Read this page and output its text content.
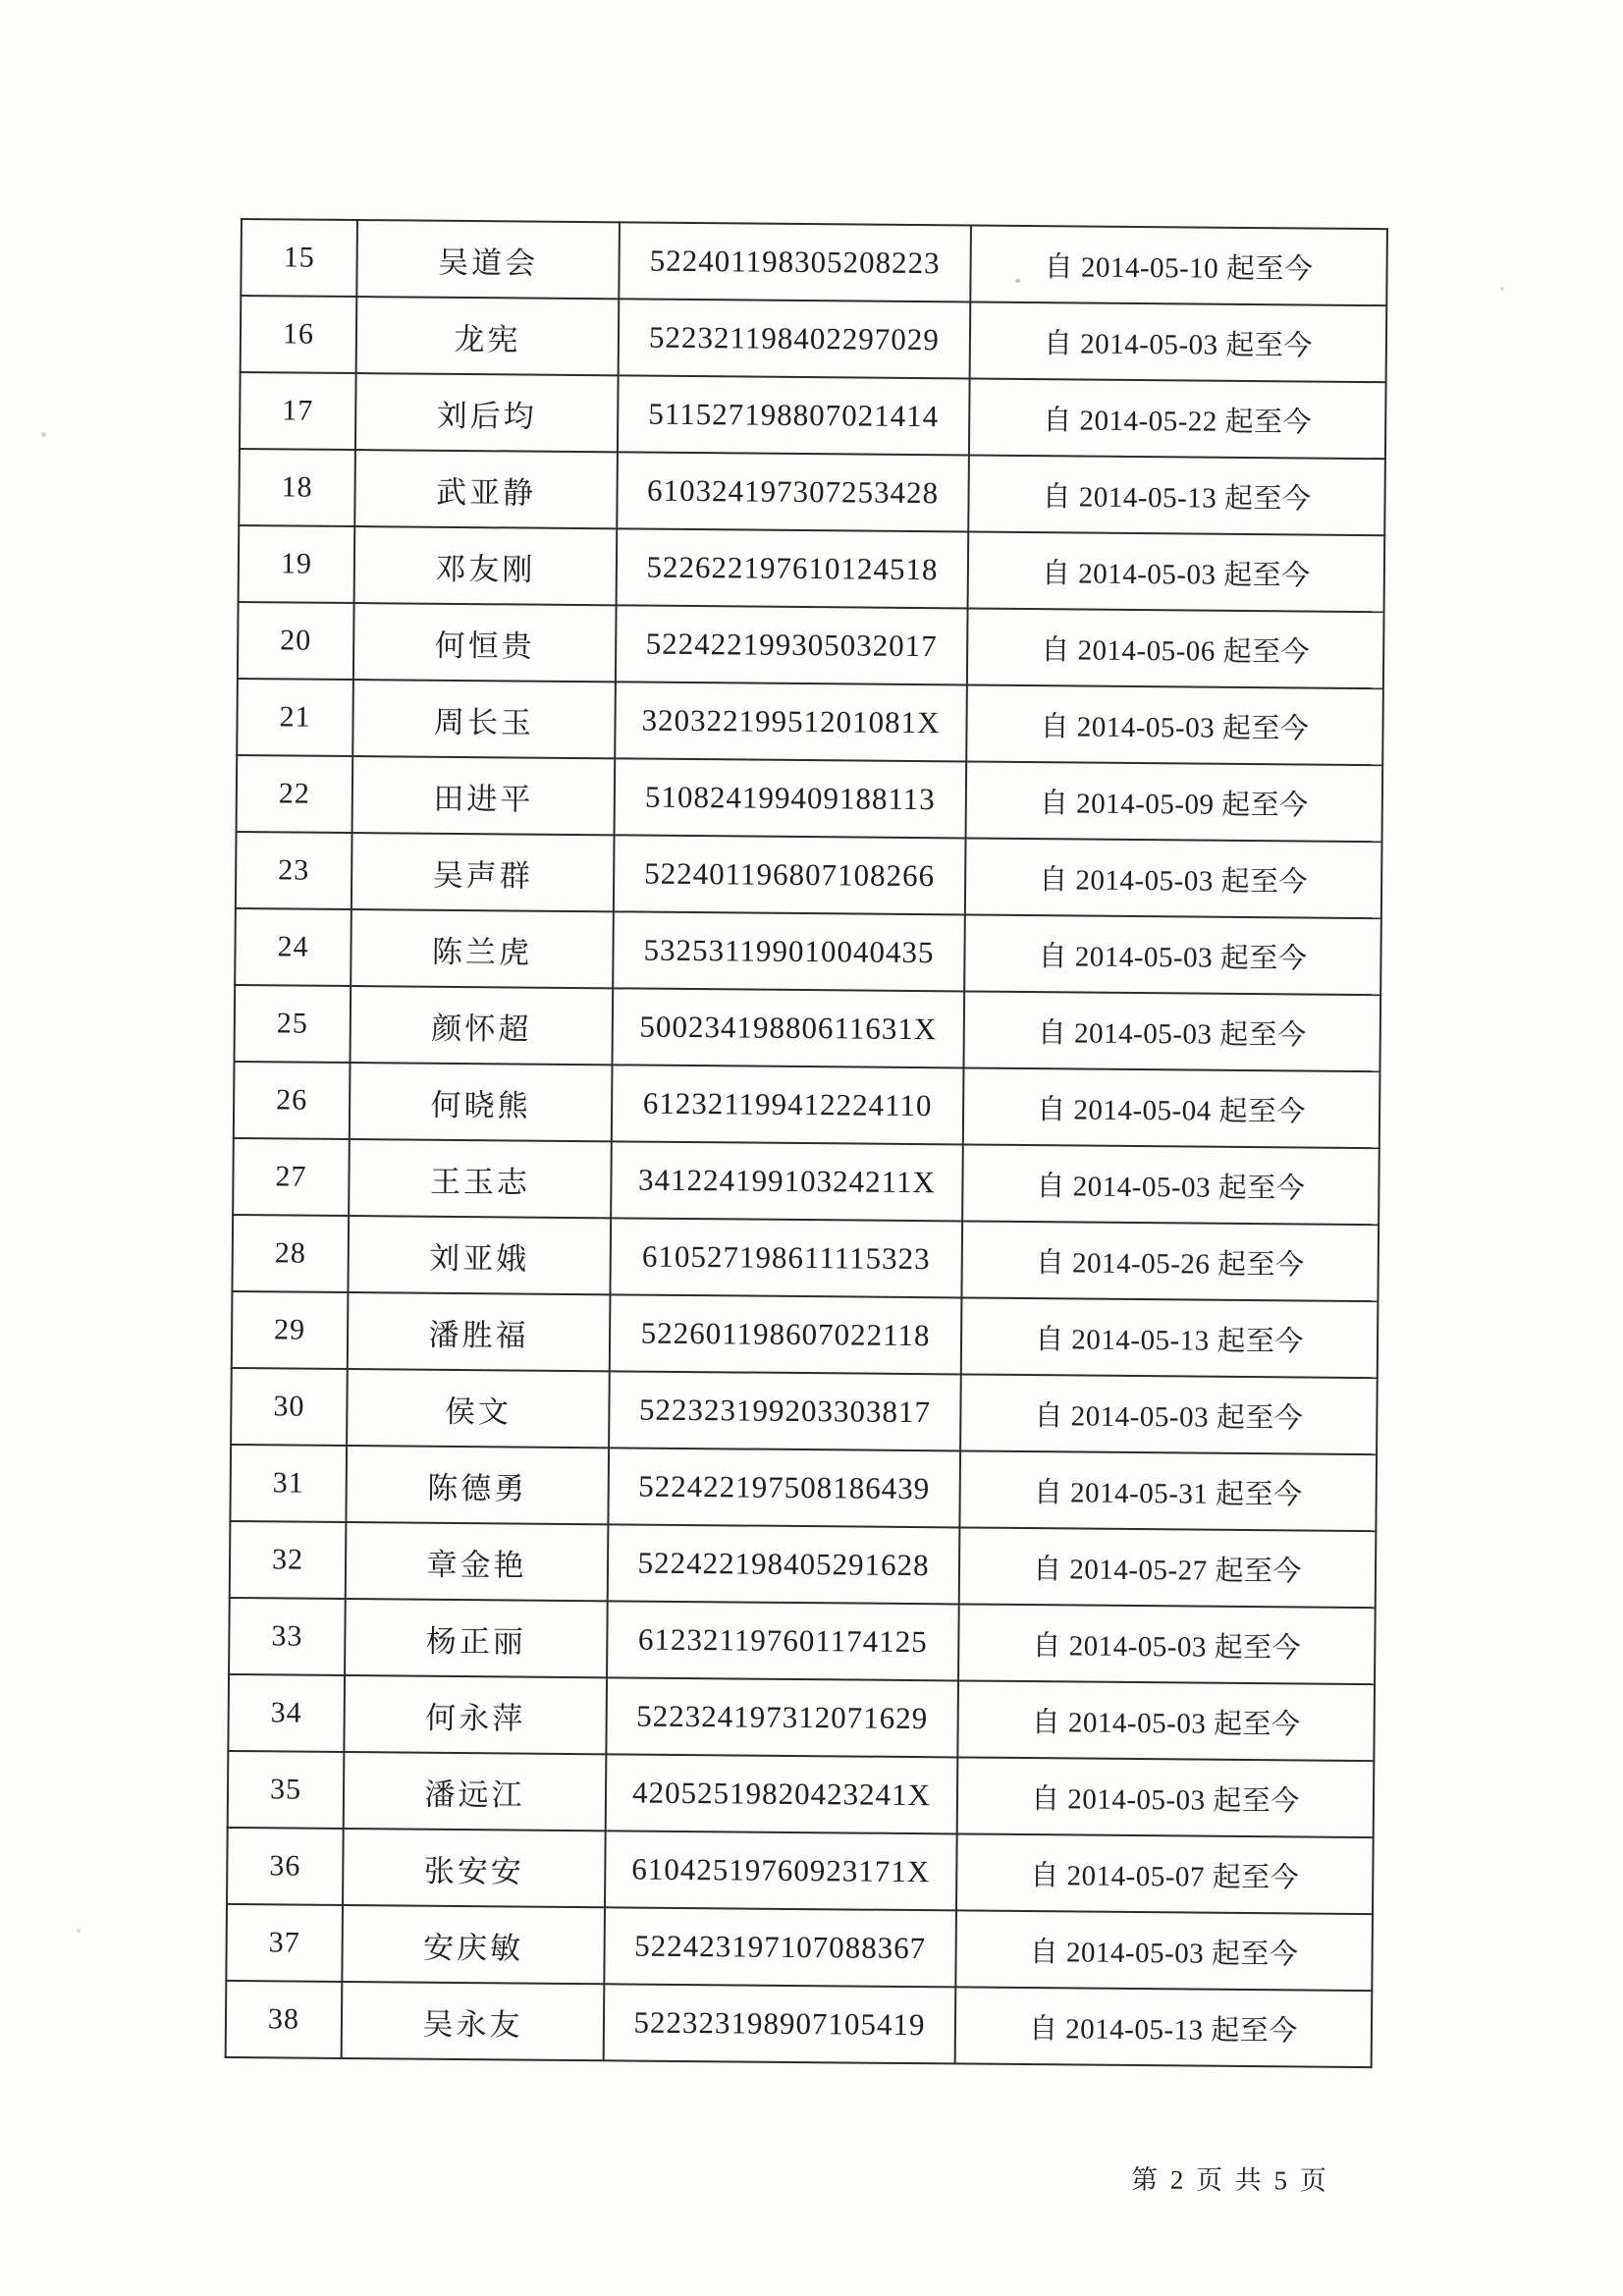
15	吴道会	522401198305208223	自 2014-05-10 起至今
16	龙宪	522321198402297029	自 2014-05-03 起至今
17	刘后均	511527198807021414	自 2014-05-22 起至今
18	武亚静	610324197307253428	自 2014-05-13 起至今
19	邓友刚	522622197610124518	自 2014-05-03 起至今
20	何恒贵	522422199305032017	自 2014-05-06 起至今
21	周长玉	32032219951201081X	自 2014-05-03 起至今
22	田进平	510824199409188113	自 2014-05-09 起至今
23	吴声群	522401196807108266	自 2014-05-03 起至今
24	陈兰虎	532531199010040435	自 2014-05-03 起至今
25	颜怀超	50023419880611631X	自 2014-05-03 起至今
26	何晓熊	612321199412224110	自 2014-05-04 起至今
27	王玉志	34122419910324211X	自 2014-05-03 起至今
28	刘亚娥	610527198611115323	自 2014-05-26 起至今
29	潘胜福	522601198607022118	自 2014-05-13 起至今
30	侯文	522323199203303817	自 2014-05-03 起至今
31	陈德勇	522422197508186439	自 2014-05-31 起至今
32	章金艳	522422198405291628	自 2014-05-27 起至今
33	杨正丽	612321197601174125	自 2014-05-03 起至今
34	何永萍	522324197312071629	自 2014-05-03 起至今
35	潘远江	42052519820423241X	自 2014-05-03 起至今
36	张安安	61042519760923171X	自 2014-05-07 起至今
37	安庆敏	522423197107088367	自 2014-05-03 起至今
38	吴永友	522323198907105419	自 2014-05-13 起至今
第 2 页 共 5 页
